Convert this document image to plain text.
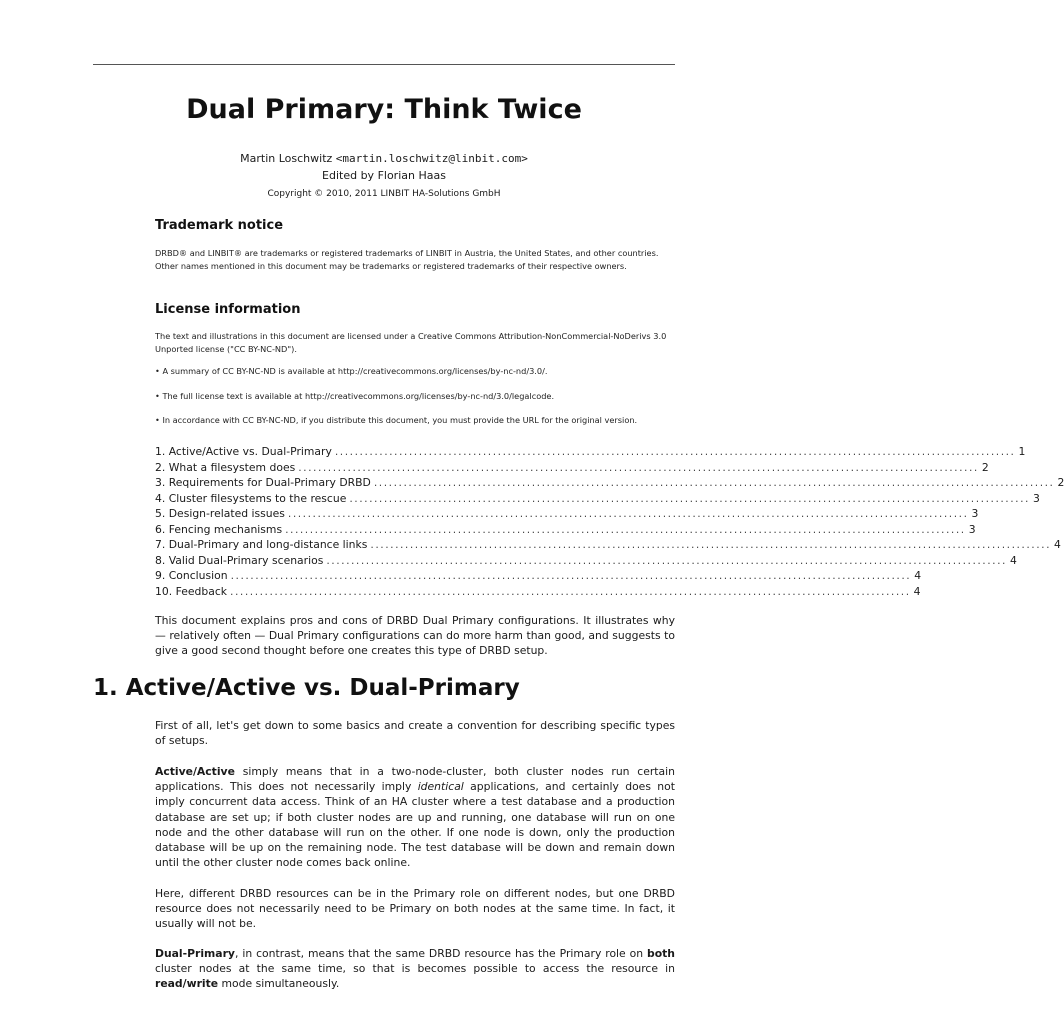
Dual Primary: Think Twice
Martin Loschwitz <martin.loschwitz@linbit.com>
Edited by Florian Haas
Copyright © 2010, 2011 LINBIT HA-Solutions GmbH
Trademark notice
DRBD® and LINBIT® are trademarks or registered trademarks of LINBIT in Austria, the United States, and other countries. Other names mentioned in this document may be trademarks or registered trademarks of their respective owners.
License information
The text and illustrations in this document are licensed under a Creative Commons Attribution-NonCommercial-NoDerivs 3.0 Unported license ("CC BY-NC-ND").
• A summary of CC BY-NC-ND is available at http://creativecommons.org/licenses/by-nc-nd/3.0/.
• The full license text is available at http://creativecommons.org/licenses/by-nc-nd/3.0/legalcode.
• In accordance with CC BY-NC-ND, if you distribute this document, you must provide the URL for the original version.
1. Active/Active vs. Dual-Primary .......................................................................................................................................... 1
2. What a filesystem does .......................................................................................................................................... 2
3. Requirements for Dual-Primary DRBD .......................................................................................................................................... 2
4. Cluster filesystems to the rescue .......................................................................................................................................... 3
5. Design-related issues .......................................................................................................................................... 3
6. Fencing mechanisms .......................................................................................................................................... 3
7. Dual-Primary and long-distance links .......................................................................................................................................... 4
8. Valid Dual-Primary scenarios .......................................................................................................................................... 4
9. Conclusion .......................................................................................................................................... 4
10. Feedback .......................................................................................................................................... 4
This document explains pros and cons of DRBD Dual Primary configurations. It illustrates why — relatively often — Dual Primary configurations can do more harm than good, and suggests to give a good second thought before one creates this type of DRBD setup.
1. Active/Active vs. Dual-Primary
First of all, let's get down to some basics and create a convention for describing specific types of setups.
Active/Active simply means that in a two-node-cluster, both cluster nodes run certain applications. This does not necessarily imply identical applications, and certainly does not imply concurrent data access. Think of an HA cluster where a test database and a production database are set up; if both cluster nodes are up and running, one database will run on one node and the other database will run on the other. If one node is down, only the production database will be up on the remaining node. The test database will be down and remain down until the other cluster node comes back online.
Here, different DRBD resources can be in the Primary role on different nodes, but one DRBD resource does not necessarily need to be Primary on both nodes at the same time. In fact, it usually will not be.
Dual-Primary, in contrast, means that the same DRBD resource has the Primary role on both cluster nodes at the same time, so that is becomes possible to access the resource in read/write mode simultaneously.
